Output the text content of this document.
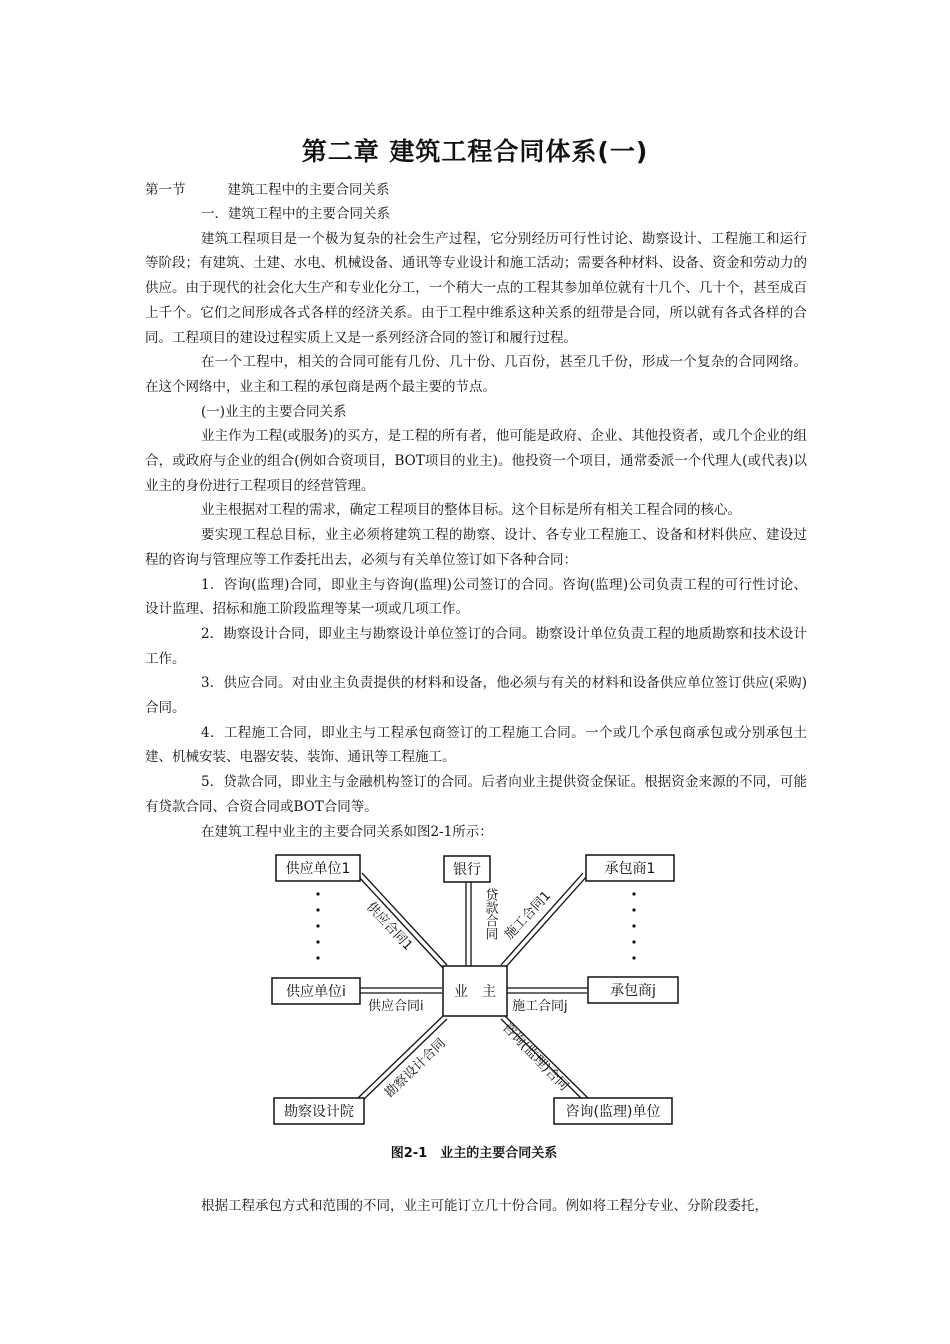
第二章 建筑工程合同体系(一)
第一节	建筑工程中的主要合同关系

一．建筑工程中的主要合同关系

建筑工程项目是一个极为复杂的社会生产过程，它分别经历可行性讨论、勘察设计、工程施工和运行等阶段；有建筑、土建、水电、机械设备、通讯等专业设计和施工活动；需要各种材料、设备、资金和劳动力的供应。由于现代的社会化大生产和专业化分工，一个稍大一点的工程其参加单位就有十几个、几十个，甚至成百上千个。它们之间形成各式各样的经济关系。由于工程中维系这种关系的纽带是合同，所以就有各式各样的合同。工程项目的建设过程实质上又是一系列经济合同的签订和履行过程。

在一个工程中，相关的合同可能有几份、几十份、几百份，甚至几千份，形成一个复杂的合同网络。在这个网络中，业主和工程的承包商是两个最主要的节点。

(一)业主的主要合同关系

业主作为工程(或服务)的买方，是工程的所有者，他可能是政府、企业、其他投资者，或几个企业的组合，或政府与企业的组合(例如合资项目，BOT项目的业主)。他投资一个项目，通常委派一个代理人(或代表)以业主的身份进行工程项目的经营管理。

业主根据对工程的需求，确定工程项目的整体目标。这个目标是所有相关工程合同的核心。

要实现工程总目标，业主必须将建筑工程的勘察、设计、各专业工程施工、设备和材料供应、建设过程的咨询与管理应等工作委托出去，必须与有关单位签订如下各种合同：

1．咨询(监理)合同，即业主与咨询(监理)公司签订的合同。咨询(监理)公司负责工程的可行性讨论、设计监理、招标和施工阶段监理等某一项或几项工作。

2．勘察设计合同，即业主与勘察设计单位签订的合同。勘察设计单位负责工程的地质勘察和技术设计工作。

3．供应合同。对由业主负责提供的材料和设备，他必须与有关的材料和设备供应单位签订供应(采购)合同。

4．工程施工合同，即业主与工程承包商签订的工程施工合同。一个或几个承包商承包或分别承包土建、机械安装、电器安装、装饰、通讯等工程施工。

5．贷款合同，即业主与金融机构签订的合同。后者向业主提供资金保证。根据资金来源的不同，可能有贷款合同、合资合同或BOT合同等。

在建筑工程中业主的主要合同关系如图2-1所示：

供应单位1	银行	承包商1
供应单位i	业　主	承包商j
勘察设计院	咨询(监理)单位
供应合同1	贷款合同 施工合同1
供应合同i	施工合同j
勘察设计合同	咨询(监理)合同
图2-1　业主的主要合同关系

根据工程承包方式和范围的不同，业主可能订立几十份合同。例如将工程分专业、分阶段委托，
